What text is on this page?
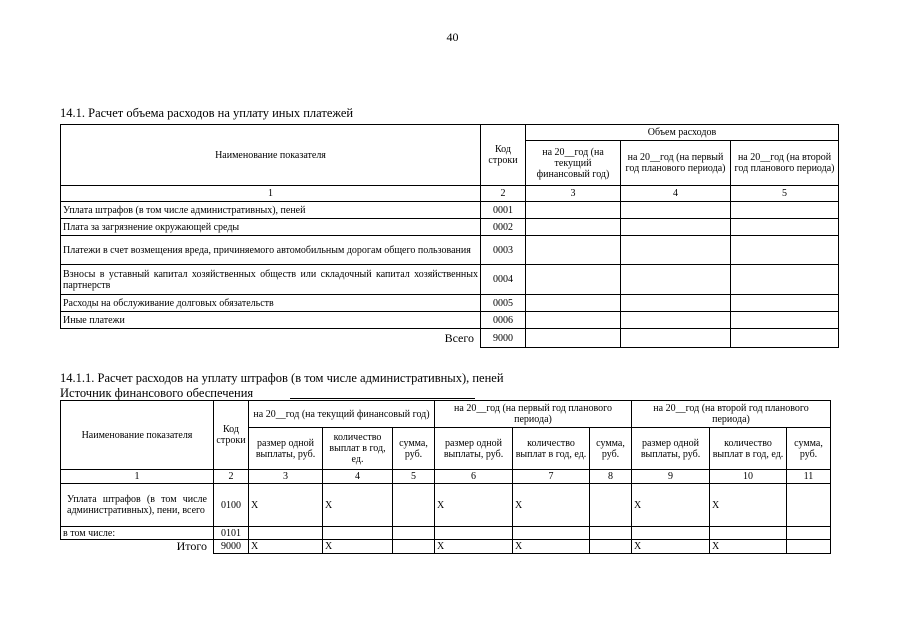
40
14.1. Расчет объема расходов на уплату иных платежей
Наименование показателя	Код строки	Объем расходов		
		на 20__год (на текущий финансовый год)	на 20__год (на первый год планового периода)	на 20__год (на второй год планового периода)
1	2	3	4	5
Уплата штрафов (в том числе административных), пеней	0001			
Плата за загрязнение окружающей среды	0002			
Платежи в счет возмещения вреда, причиняемого автомобильным дорогам общего пользования	0003			
Взносы в уставный капитал хозяйственных обществ или складочный капитал хозяйственных партнерств	0004			
Расходы на обслуживание долговых обязательств	0005			
Иные платежи	0006			
Всего	9000			
14.1.1. Расчет расходов на уплату штрафов (в том числе административных), пеней
Источник финансового обеспечения
Наименование показателя	Код строки	на 20__год (на текущий финансовый год)			на 20__год (на первый год планового периода)			на 20__год (на второй год планового периода)		
		размер одной выплаты, руб.	количество выплат в год, ед.	сумма, руб.	размер одной выплаты, руб.	количество выплат в год, ед.	сумма, руб.	размер одной выплаты, руб.	количество выплат в год, ед.	сумма, руб.
1	2	3	4	5	6	7	8	9	10	11
Уплата штрафов (в том числе административных), пени, всего	0100	X	X		X	X		X	X	
в том числе:	0101									
Итого	9000	X	X		X	X		X	X	
